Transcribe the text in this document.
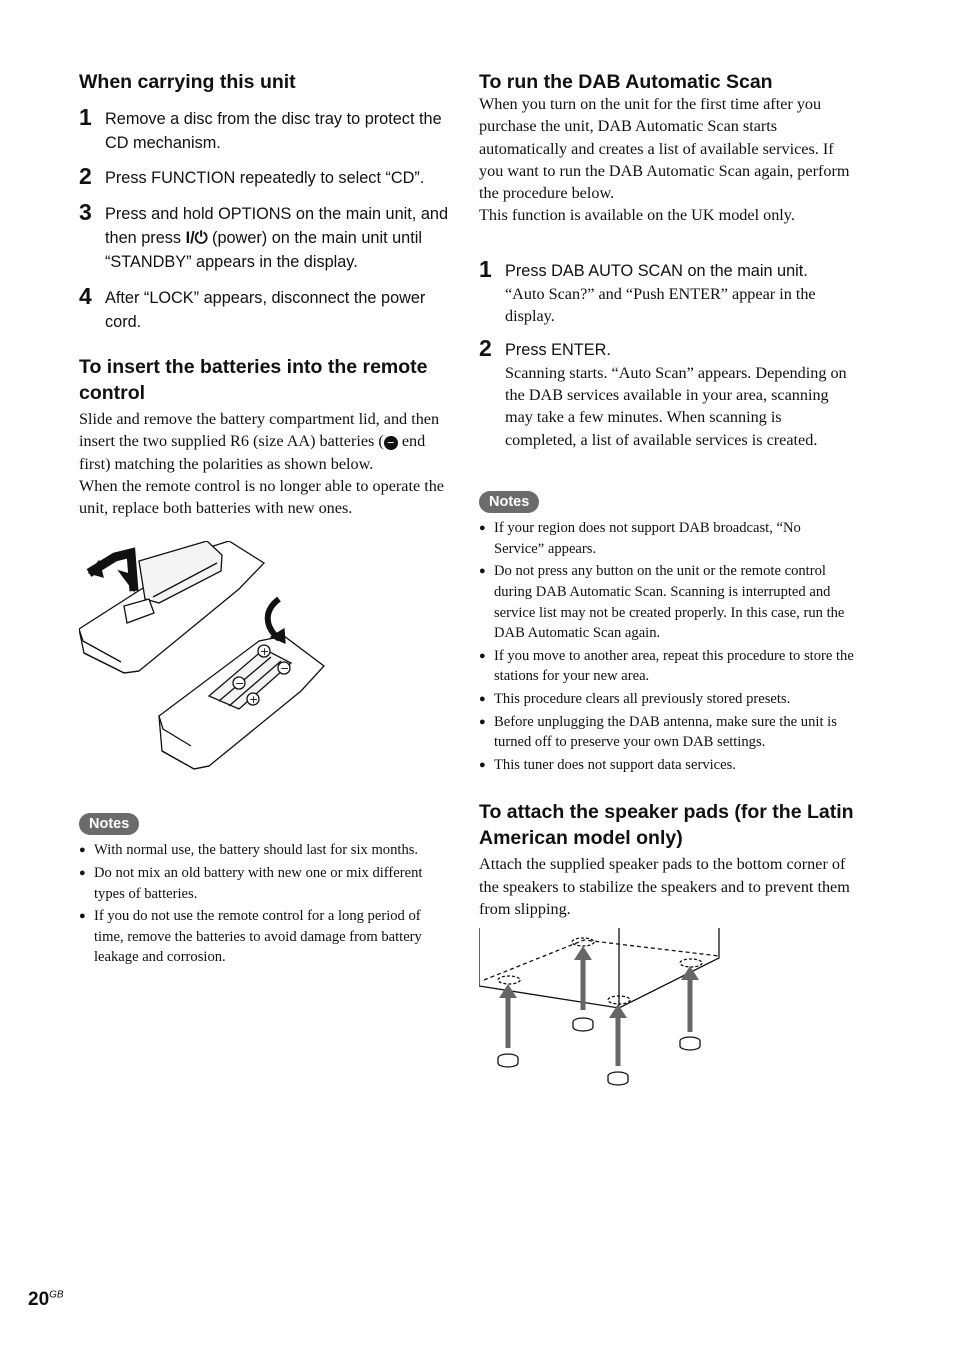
When carrying this unit
1 Remove a disc from the disc tray to protect the CD mechanism.
2 Press FUNCTION repeatedly to select “CD”.
3 Press and hold OPTIONS on the main unit, and then press I/⏻ (power) on the main unit until “STANDBY” appears in the display.
4 After “LOCK” appears, disconnect the power cord.
To insert the batteries into the remote control

Slide and remove the battery compartment lid, and then insert the two supplied R6 (size AA) batteries ( − end first) matching the polarities as shown below.

When the remote control is no longer able to operate the unit, replace both batteries with new ones.

+
−
−
+
Notes
● With normal use, the battery should last for six months.
● Do not mix an old battery with new one or mix different types of batteries.
● If you do not use the remote control for a long period of time, remove the batteries to avoid damage from battery leakage and corrosion.
To run the DAB Automatic Scan

When you turn on the unit for the first time after you purchase the unit, DAB Automatic Scan starts automatically and creates a list of available services. If you want to run the DAB Automatic Scan again, perform the procedure below.

This function is available on the UK model only.

1 Press DAB AUTO SCAN on the main unit.
“Auto Scan?” and “Push ENTER” appear in the display.
2 Press ENTER.
Scanning starts. “Auto Scan” appears. Depending on the DAB services available in your area, scanning may take a few minutes. When scanning is completed, a list of available services is created.
Notes
● If your region does not support DAB broadcast, “No Service” appears.
● Do not press any button on the unit or the remote control during DAB Automatic Scan. Scanning is interrupted and service list may not be created properly. In this case, run the DAB Automatic Scan again.
● If you move to another area, repeat this procedure to store the stations for your new area.
● This procedure clears all previously stored presets.
● Before unplugging the DAB antenna, make sure the unit is turned off to preserve your own DAB settings.
● This tuner does not support data services.
To attach the speaker pads (for the Latin American model only)

Attach the supplied speaker pads to the bottom corner of the speakers to stabilize the speakers and to prevent them from slipping.

$20^{GB}$
